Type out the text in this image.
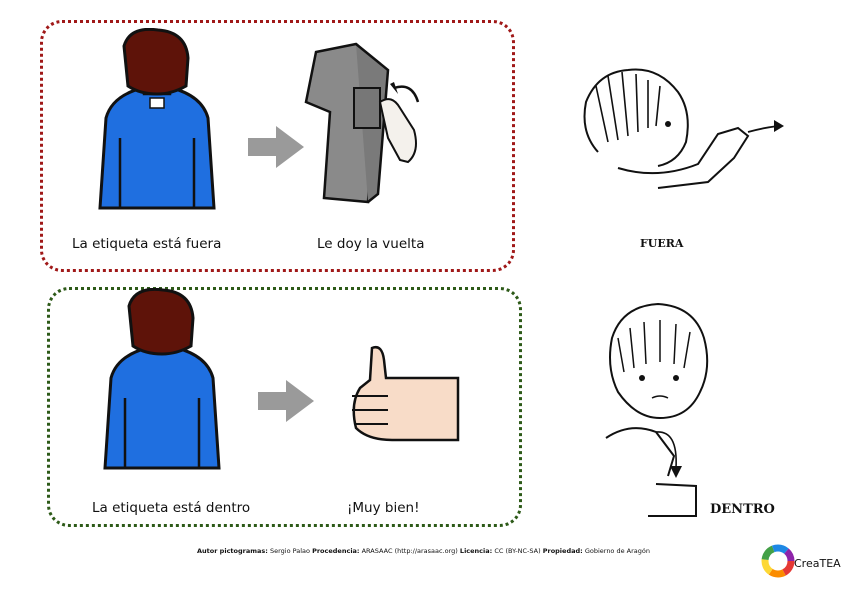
La etiqueta está fuera	Le doy la vuelta
La etiqueta está dentro	¡Muy bien!
FUERA
DENTRO
Autor pictogramas: Sergio Palao Procedencia: ARASAAC (http://arasaac.org) Licencia: CC (BY-NC-SA) Propiedad: Gobierno de Aragón
CreaTEA
